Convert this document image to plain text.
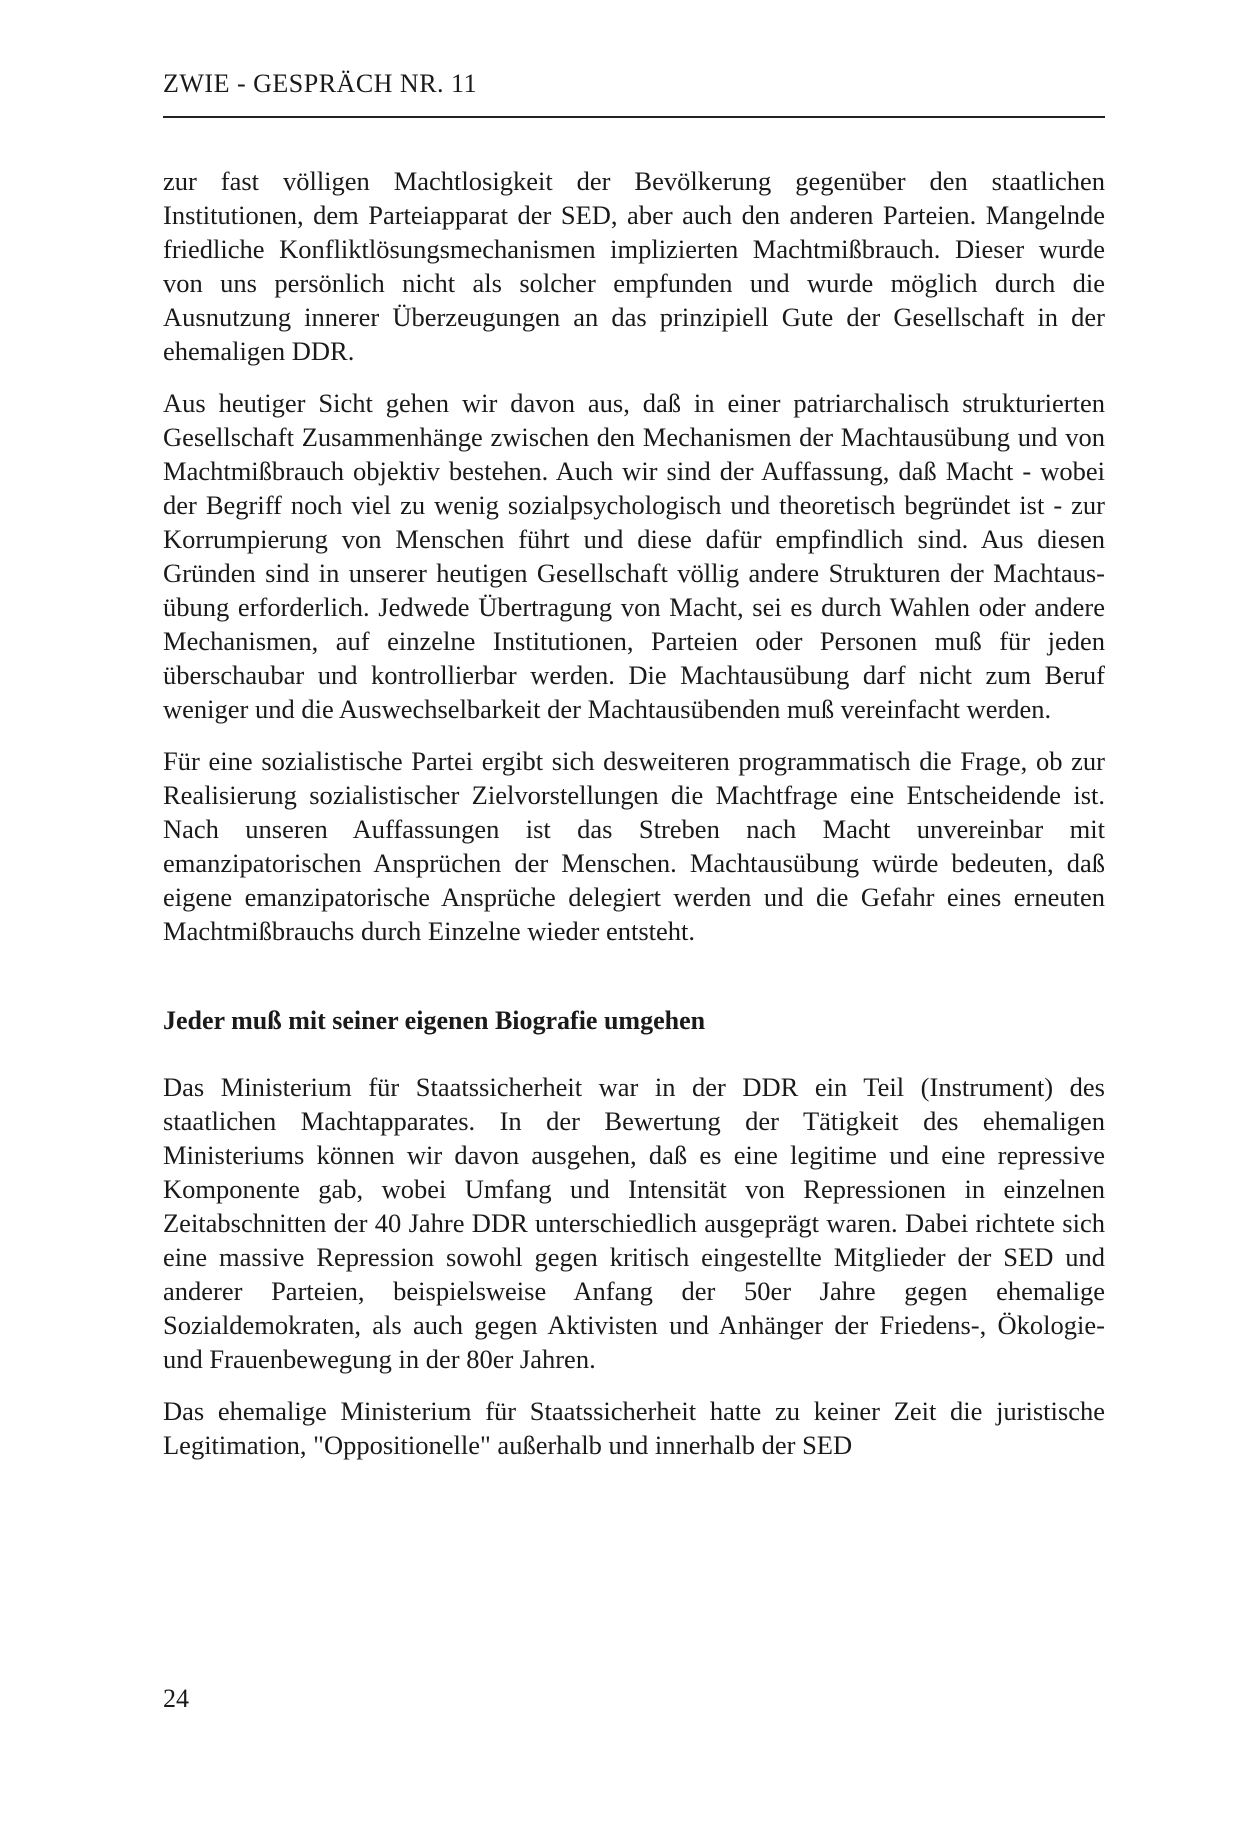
ZWIE - GESPRÄCH NR. 11

zur fast völligen Machtlosigkeit der Bevölkerung gegenüber den staatlichen Institutionen, dem Parteiapparat der SED, aber auch den anderen Parteien. Mangelnde friedliche Konfliktlösungsmechanismen implizierten Machtmißbrauch. Dieser wurde von uns persönlich nicht als solcher empfunden und wurde möglich durch die Ausnutzung innerer Überzeugungen an das prinzipiell Gute der Gesellschaft in der ehemaligen DDR.

Aus heutiger Sicht gehen wir davon aus, daß in einer patriarchalisch strukturierten Gesellschaft Zusammenhänge zwischen den Mechanismen der Machtausübung und von Machtmißbrauch objektiv bestehen. Auch wir sind der Auffassung, daß Macht - wobei der Begriff noch viel zu wenig sozialpsychologisch und theoretisch begründet ist - zur Korrumpierung von Menschen führt und diese dafür empfindlich sind. Aus diesen Gründen sind in unserer heutigen Gesellschaft völlig andere Strukturen der Machtausübung erforderlich. Jedwede Übertragung von Macht, sei es durch Wahlen oder andere Mechanismen, auf einzelne Institutionen, Parteien oder Personen muß für jeden überschaubar und kontrollierbar werden. Die Machtausübung darf nicht zum Beruf weniger und die Auswechselbarkeit der Machtausübenden muß vereinfacht werden.

Für eine sozialistische Partei ergibt sich desweiteren programmatisch die Frage, ob zur Realisierung sozialistischer Zielvorstellungen die Machtfrage eine Entscheidende ist. Nach unseren Auffassungen ist das Streben nach Macht unvereinbar mit emanzipatorischen Ansprüchen der Menschen. Machtausübung würde bedeuten, daß eigene emanzipatorische Ansprüche delegiert werden und die Gefahr eines erneuten Machtmißbrauchs durch Einzelne wieder entsteht.

Jeder muß mit seiner eigenen Biografie umgehen

Das Ministerium für Staatssicherheit war in der DDR ein Teil (Instrument) des staatlichen Machtapparates. In der Bewertung der Tätigkeit des ehemaligen Ministeriums können wir davon ausgehen, daß es eine legitime und eine repressive Komponente gab, wobei Umfang und Intensität von Repressionen in einzelnen Zeitabschnitten der 40 Jahre DDR unterschiedlich ausgeprägt waren. Dabei richtete sich eine massive Repression sowohl gegen kritisch eingestellte Mitglieder der SED und anderer Parteien, beispielsweise Anfang der 50er Jahre gegen ehemalige Sozialdemokraten, als auch gegen Aktivisten und Anhänger der Friedens-, Ökologie- und Frauenbewegung in der 80er Jahren.

Das ehemalige Ministerium für Staatssicherheit hatte zu keiner Zeit die juristische Legitimation, "Oppositionelle" außerhalb und innerhalb der SED

24
